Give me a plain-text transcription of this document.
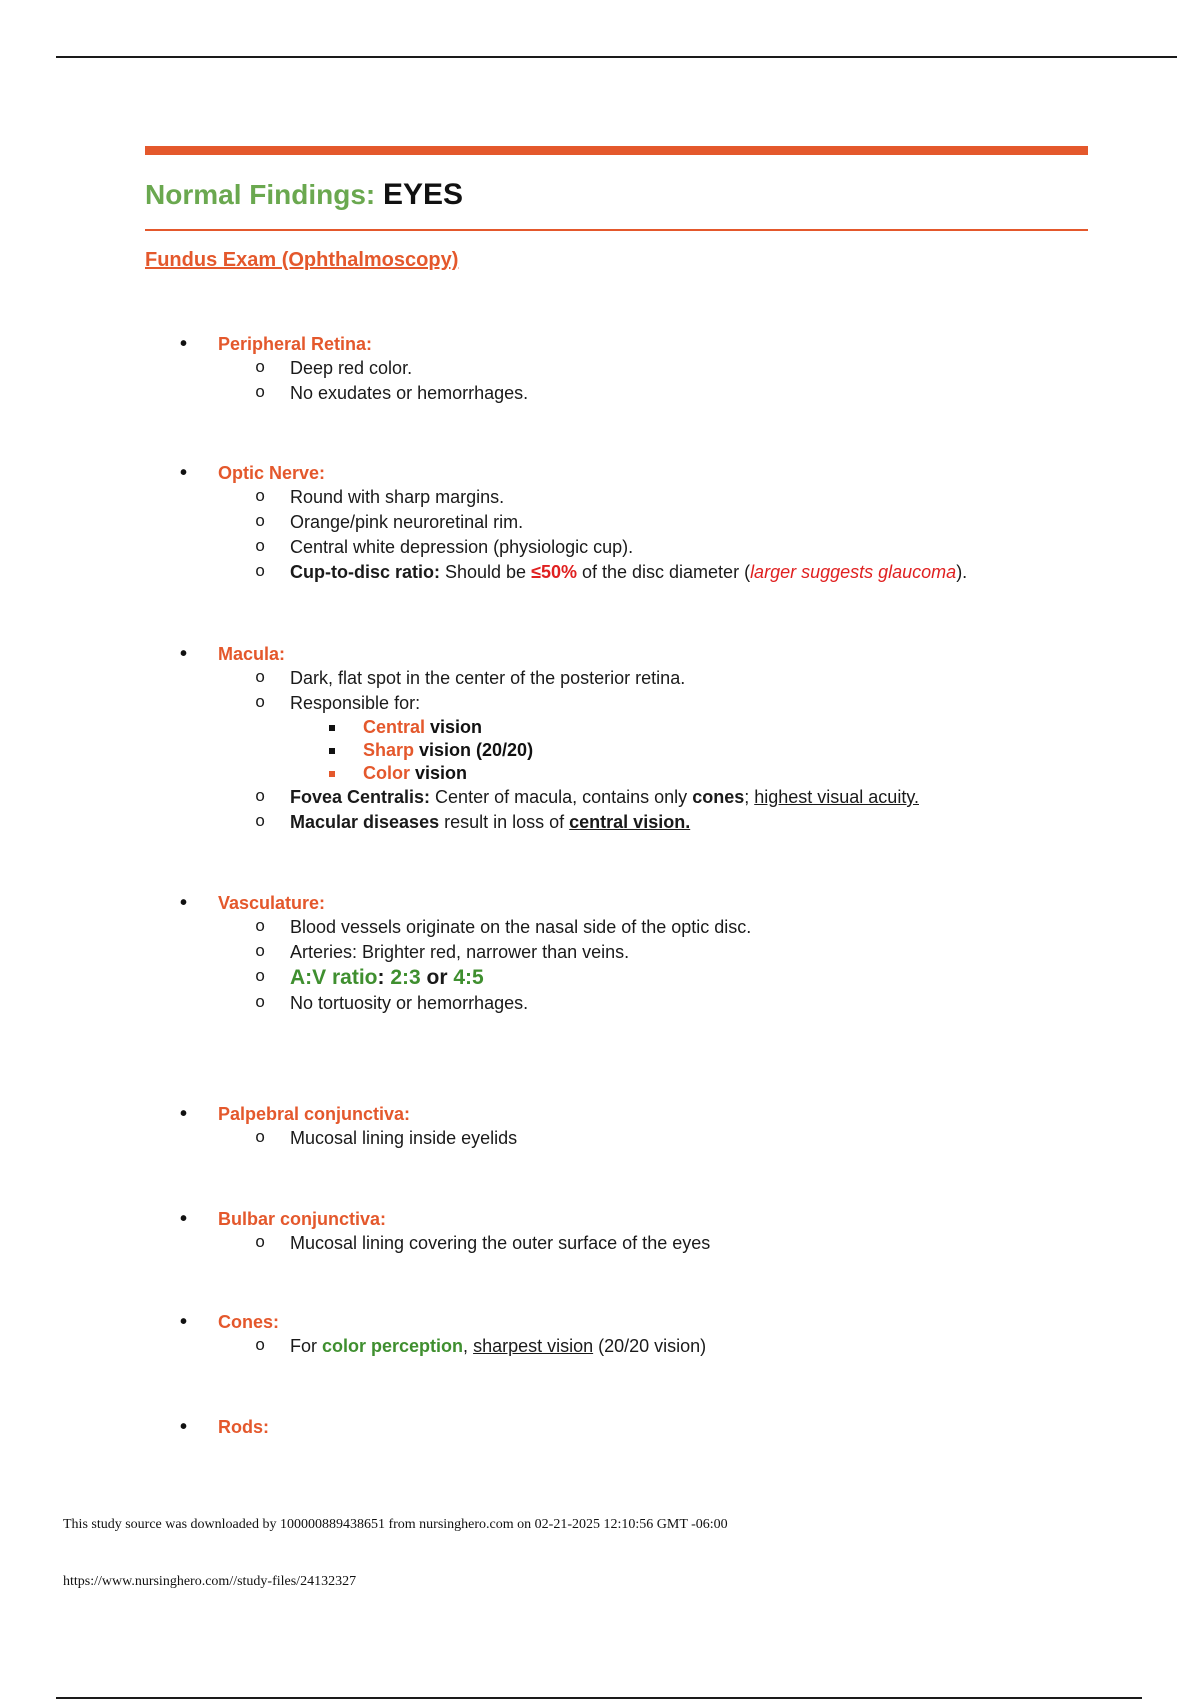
Normal Findings: EYES
Fundus Exam (Ophthalmoscopy)
• Peripheral Retina:
o Deep red color.
o No exudates or hemorrhages.
• Optic Nerve:
o Round with sharp margins.
o Orange/pink neuroretinal rim.
o Central white depression (physiologic cup).
o Cup-to-disc ratio: Should be ≤50% of the disc diameter (larger suggests glaucoma).
• Macula:
o Dark, flat spot in the center of the posterior retina.
o Responsible for:
Central vision
Sharp vision (20/20)
Color vision
o Fovea Centralis: Center of macula, contains only cones; highest visual acuity.
o Macular diseases result in loss of central vision.
• Vasculature:
o Blood vessels originate on the nasal side of the optic disc.
o Arteries: Brighter red, narrower than veins.
o A:V ratio: 2:3 or 4:5
o No tortuosity or hemorrhages.
• Palpebral conjunctiva:
o Mucosal lining inside eyelids
• Bulbar conjunctiva:
o Mucosal lining covering the outer surface of the eyes
• Cones:
o For color perception, sharpest vision (20/20 vision)
• Rods:
This study source was downloaded by 100000889438651 from nursinghero.com on 02-21-2025 12:10:56 GMT -06:00
https://www.nursinghero.com//study-files/24132327
